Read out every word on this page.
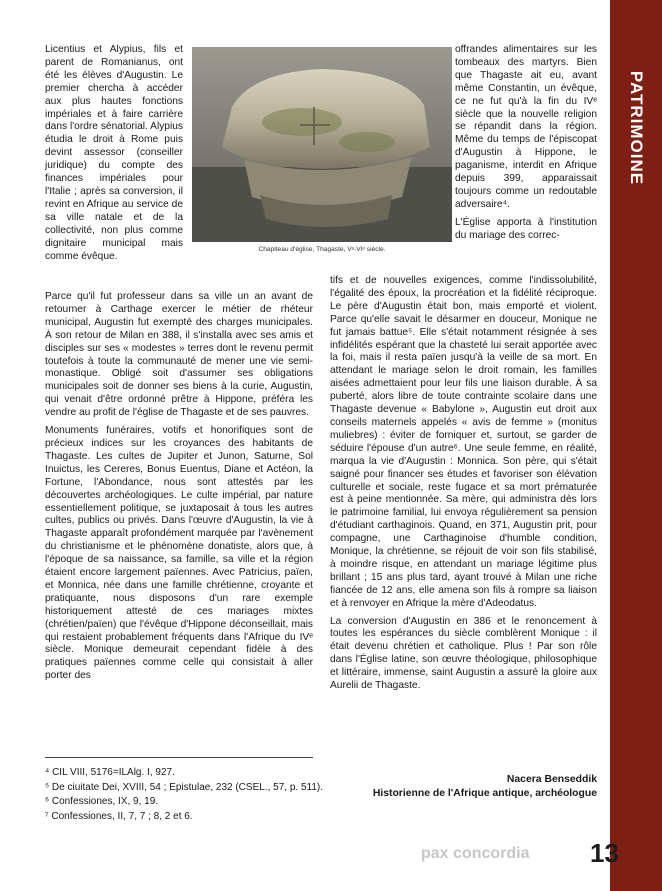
PATRIMOINE
Chapiteau d'église, Thagaste, Vᵉ-VIᵉ siècle.

Licentius et Alypius, fils et parent de Romanianus, ont été les élèves d'Augustin. Le premier chercha à accéder aux plus hautes fonctions impériales et à faire carrière dans l'ordre sénatorial. Alypius étudia le droit à Rome puis devint assessor (conseiller juridique) du compte des finances impériales pour l'Italie ; après sa conversion, il revint en Afrique au service de sa ville natale et de la collectivité, non plus comme dignitaire municipal mais comme évêque.

Parce qu'il fut professeur dans sa ville un an avant de retourner à Carthage exercer le métier de rhéteur municipal, Augustin fut exempté des charges municipales. À son retour de Milan en 388, il s'installa avec ses amis et disciples sur ses « modestes » terres dont le revenu permit toutefois à toute la communauté de mener une vie semi-monastique. Obligé soit d'assumer ses obligations municipales soit de donner ses biens à la curie, Augustin, qui venait d'être ordonné prêtre à Hippone, préféra les vendre au profit de l'église de Thagaste et de ses pauvres.

Monuments funéraires, votifs et honorifiques sont de précieux indices sur les croyances des habitants de Thagaste. Les cultes de Jupiter et Junon, Saturne, Sol Inuictus, les Cereres, Bonus Euentus, Diane et Actéon, la Fortune, l'Abondance, nous sont attestés par les découvertes archéologiques. Le culte impérial, par nature essentiellement politique, se juxtaposait à tous les autres cultes, publics ou privés. Dans l'œuvre d'Augustin, la vie à Thagaste apparaît profondément marquée par l'avènement du christianisme et le phénomène donatiste, alors que, à l'époque de sa naissance, sa famille, sa ville et la région étaient encore largement païennes. Avec Patricius, païen, et Monnica, née dans une famille chrétienne, croyante et pratiquante, nous disposons d'un rare exemple historiquement attesté de ces mariages mixtes (chrétien/païen) que l'évêque d'Hippone déconseillait, mais qui restaient probablement fréquents dans l'Afrique du IVᵉ siècle. Monique demeurait cependant fidèle à des pratiques païennes comme celle qui consistait à aller porter des

offrandes alimentaires sur les tombeaux des martyrs. Bien que Thagaste ait eu, avant même Constantin, un évêque, ce ne fut qu'à la fin du IVᵉ siècle que la nouvelle religion se répandit dans la région. Même du temps de l'épiscopat d'Augustin à Hippone, le paganisme, interdit en Afrique depuis 399, apparaissait toujours comme un redoutable adversaire⁴.

L'Église apporta à l'institution du mariage des correc-

tifs et de nouvelles exigences, comme l'indissolubilité, l'égalité des époux, la procréation et la fidélité réciproque. Le père d'Augustin était bon, mais emporté et violent. Parce qu'elle savait le désarmer en douceur, Monique ne fut jamais battue⁵. Elle s'était notamment résignée à ses infidélités espérant que la chasteté lui serait apportée avec la foi, mais il resta païen jusqu'à la veille de sa mort. En attendant le mariage selon le droit romain, les familles aisées admettaient pour leur fils une liaison durable. À sa puberté, alors libre de toute contrainte scolaire dans une Thagaste devenue « Babylone », Augustin eut droit aux conseils maternels appelés « avis de femme » (monitus muliebres) : éviter de forniquer et, surtout, se garder de séduire l'épouse d'un autre⁶. Une seule femme, en réalité, marqua la vie d'Augustin : Monnica. Son père, qui s'était saigné pour financer ses études et favoriser son élévation culturelle et sociale, reste fugace et sa mort prématurée est à peine mentionnée. Sa mère, qui administra dès lors le patrimoine familial, lui envoya régulièrement sa pension d'étudiant carthaginois. Quand, en 371, Augustin prit, pour compagne, une Carthaginoise d'humble condition, Monique, la chrétienne, se réjouit de voir son fils stabilisé, à moindre risque, en attendant un mariage légitime plus brillant ; 15 ans plus tard, ayant trouvé à Milan une riche fiancée de 12 ans, elle amena son fils à rompre sa liaison et à renvoyer en Afrique la mère d'Adeodatus.

La conversion d'Augustin en 386 et le renoncement à toutes les espérances du siècle comblèrent Monique : il était devenu chrétien et catholique. Plus ! Par son rôle dans l'Église latine, son œuvre théologique, philosophique et littéraire, immense, saint Augustin a assuré la gloire aux Aurelii de Thagaste.

Nacera Benseddik
Historienne de l'Afrique antique, archéologue
⁴ CIL VIII, 5176=ILAlg. I, 927.
⁵ De ciuitate Dei, XVIII, 54 ; Epistulae, 232 (CSEL., 57, p. 511).
⁶ Confessiones, IX, 9, 19.
⁷ Confessiones, II, 7, 7 ; 8, 2 et 6.
pax concordia	13
